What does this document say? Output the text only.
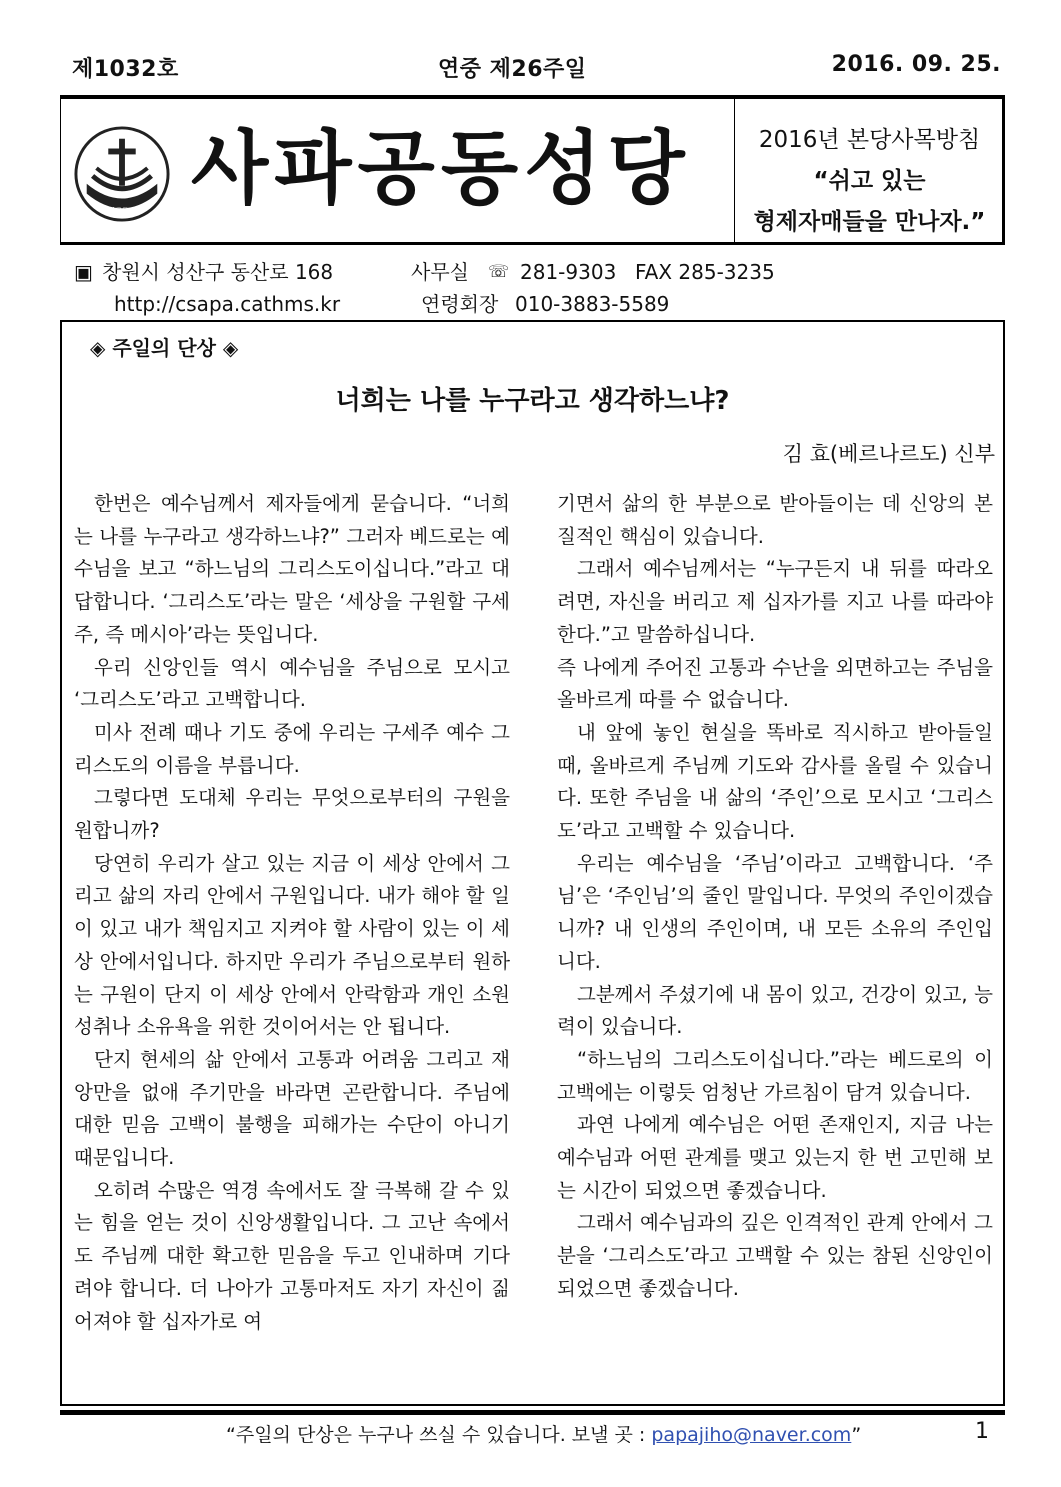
제1032호	연중 제26주일	2016. 09. 25.
사파공동성당 사파공동성당	2016년 본당사목방침
“쉬고 있는
형제자매들을 만나자.”
▣ 창원시 성산구 동산로 168	사무실 ☏ 281-9303 FAX 285-3235
http://csapa.cathms.kr	연령회장 010-3883-5589
◈ 주일의 단상 ◈
너희는 나를 누구라고 생각하느냐?
김 효(베르나르도) 신부

한번은 예수님께서 제자들에게 묻습니다. “너희는 나를 누구라고 생각하느냐?” 그러자 베드로는 예수님을 보고 “하느님의 그리스도이십니다.”라고 대답합니다. ‘그리스도’라는 말은 ‘세상을 구원할 구세주, 즉 메시아’라는 뜻입니다.

우리 신앙인들 역시 예수님을 주님으로 모시고 ‘그리스도’라고 고백합니다.

미사 전례 때나 기도 중에 우리는 구세주 예수 그리스도의 이름을 부릅니다.

그렇다면 도대체 우리는 무엇으로부터의 구원을 원합니까?

당연히 우리가 살고 있는 지금 이 세상 안에서 그리고 삶의 자리 안에서 구원입니다. 내가 해야 할 일이 있고 내가 책임지고 지켜야 할 사람이 있는 이 세상 안에서입니다. 하지만 우리가 주님으로부터 원하는 구원이 단지 이 세상 안에서 안락함과 개인 소원성취나 소유욕을 위한 것이어서는 안 됩니다.

단지 현세의 삶 안에서 고통과 어려움 그리고 재앙만을 없애 주기만을 바라면 곤란합니다. 주님에 대한 믿음 고백이 불행을 피해가는 수단이 아니기 때문입니다.

오히려 수많은 역경 속에서도 잘 극복해 갈 수 있는 힘을 얻는 것이 신앙생활입니다. 그 고난 속에서도 주님께 대한 확고한 믿음을 두고 인내하며 기다려야 합니다. 더 나아가 고통마저도 자기 자신이 짊어져야 할 십자가로 여

기면서 삶의 한 부분으로 받아들이는 데 신앙의 본질적인 핵심이 있습니다.

그래서 예수님께서는 “누구든지 내 뒤를 따라오려면, 자신을 버리고 제 십자가를 지고 나를 따라야 한다.”고 말씀하십니다.

즉 나에게 주어진 고통과 수난을 외면하고는 주님을 올바르게 따를 수 없습니다.

내 앞에 놓인 현실을 똑바로 직시하고 받아들일 때, 올바르게 주님께 기도와 감사를 올릴 수 있습니다. 또한 주님을 내 삶의 ‘주인’으로 모시고 ‘그리스도’라고 고백할 수 있습니다.

우리는 예수님을 ‘주님’이라고 고백합니다. ‘주님’은 ‘주인님’의 줄인 말입니다. 무엇의 주인이겠습니까? 내 인생의 주인이며, 내 모든 소유의 주인입니다.

그분께서 주셨기에 내 몸이 있고, 건강이 있고, 능력이 있습니다.

“하느님의 그리스도이십니다.”라는 베드로의 이 고백에는 이렇듯 엄청난 가르침이 담겨 있습니다.

과연 나에게 예수님은 어떤 존재인지, 지금 나는 예수님과 어떤 관계를 맺고 있는지 한 번 고민해 보는 시간이 되었으면 좋겠습니다.

그래서 예수님과의 깊은 인격적인 관계 안에서 그분을 ‘그리스도’라고 고백할 수 있는 참된 신앙인이 되었으면 좋겠습니다.

“주일의 단상은 누구나 쓰실 수 있습니다. 보낼 곳 : papajiho@naver.com”	1
